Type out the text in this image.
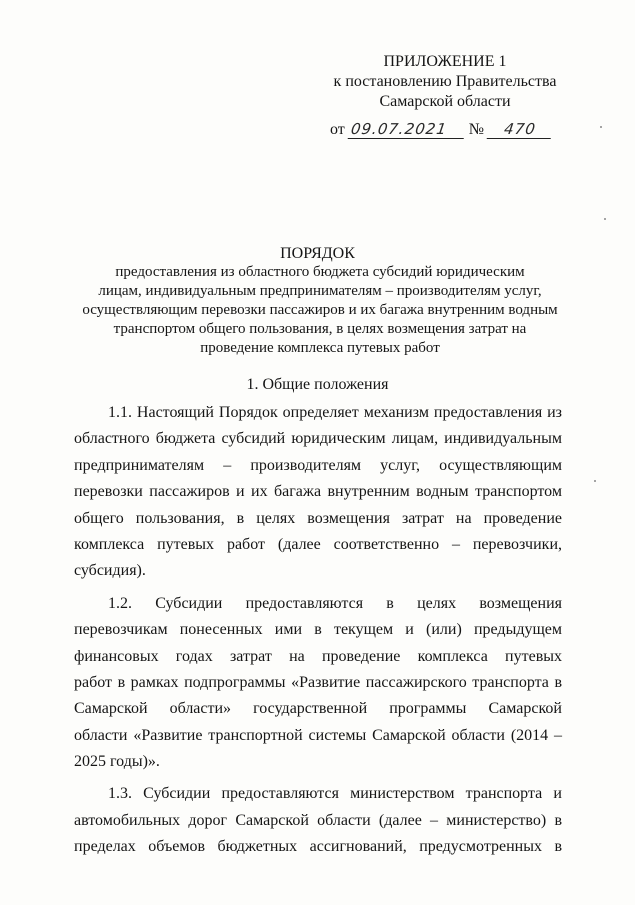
ПРИЛОЖЕНИЕ 1
к постановлению Правительства
Самарской области
от 09.07.2021 № 470
ПОРЯДОК
предоставления из областного бюджета субсидий юридическим
лицам, индивидуальным предпринимателям – производителям услуг,
осуществляющим перевозки пассажиров и их багажа внутренним водным
транспортом общего пользования, в целях возмещения затрат на
проведение комплекса путевых работ
1. Общие положения
1.1. Настоящий Порядок определяет механизм предоставления из
областного бюджета субсидий юридическим лицам, индивидуальным
предпринимателям – производителям услуг, осуществляющим
перевозки пассажиров и их багажа внутренним водным транспортом
общего пользования, в целях возмещения затрат на проведение
комплекса путевых работ (далее соответственно – перевозчики,
субсидия).
1.2. Субсидии предоставляются в целях возмещения
перевозчикам понесенных ими в текущем и (или) предыдущем
финансовых годах затрат на проведение комплекса путевых
работ в рамках подпрограммы «Развитие пассажирского транспорта в
Самарской области» государственной программы Самарской
области «Развитие транспортной системы Самарской области (2014 –
2025 годы)».
1.3. Субсидии предоставляются министерством транспорта и
автомобильных дорог Самарской области (далее – министерство) в
пределах объемов бюджетных ассигнований, предусмотренных в
